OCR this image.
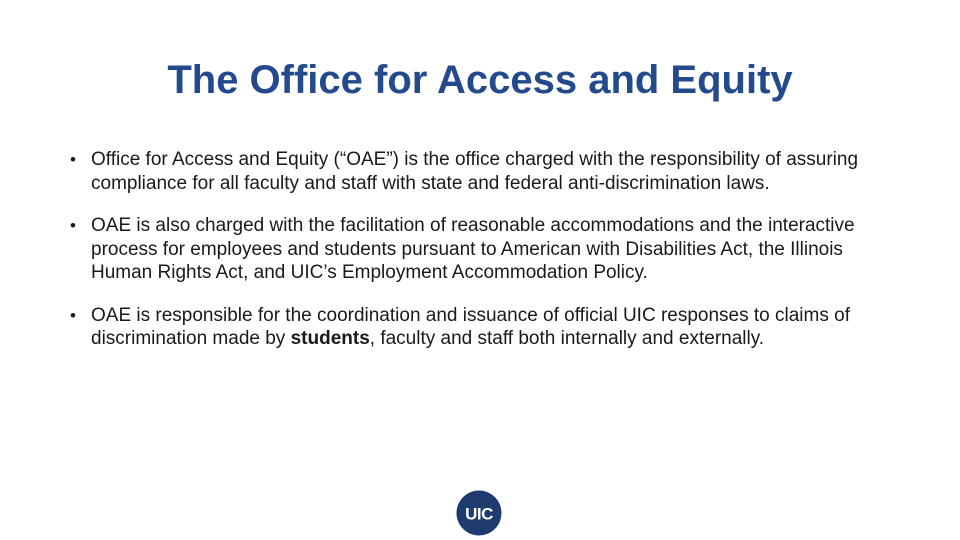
The Office for Access and Equity
• Office for Access and Equity (“OAE”) is the office charged with the responsibility of assuring compliance for all faculty and staff with state and federal anti-discrimination laws.
• OAE is also charged with the facilitation of reasonable accommodations and the interactive process for employees and students pursuant to American with Disabilities Act, the Illinois Human Rights Act, and UIC’s Employment Accommodation Policy.
• OAE is responsible for the coordination and issuance of official UIC responses to claims of discrimination made by students, faculty and staff both internally and externally.
UIC
